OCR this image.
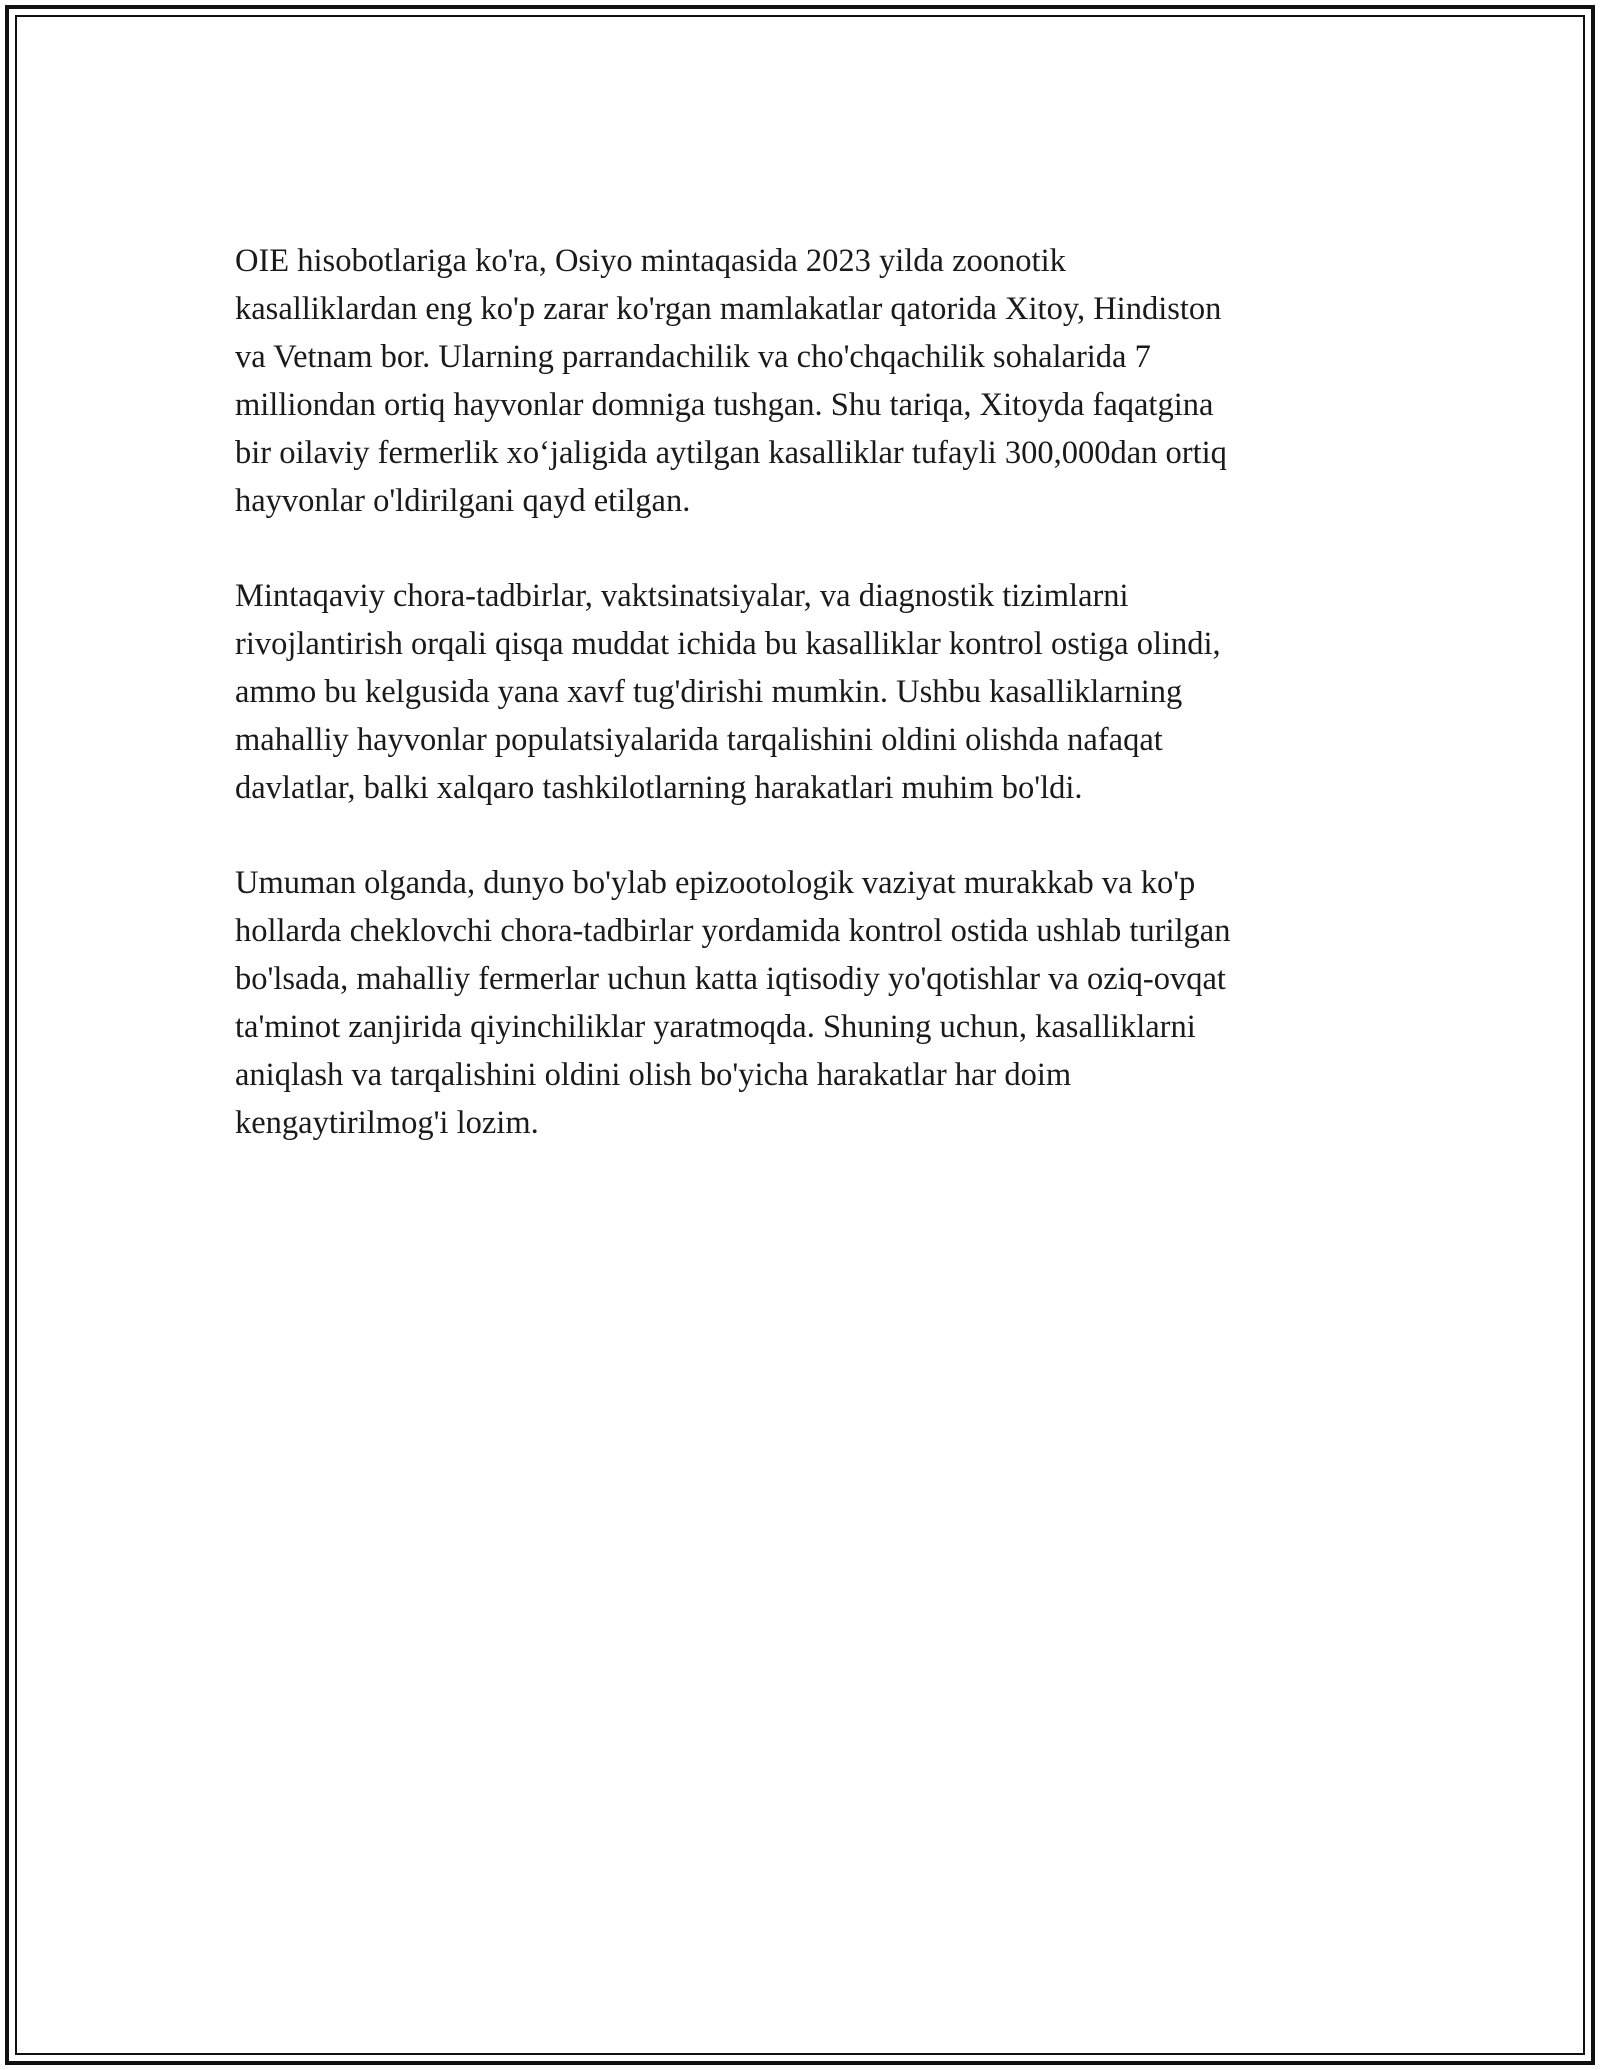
OIE hisobotlariga ko'ra, Osiyo mintaqasida 2023 yilda zoonotik
kasalliklardan eng ko'p zarar ko'rgan mamlakatlar qatorida Xitoy, Hindiston
va Vetnam bor. Ularning parrandachilik va cho'chqachilik sohalarida 7
milliondan ortiq hayvonlar domniga tushgan. Shu tariqa, Xitoyda faqatgina
bir oilaviy fermerlik xo‘jaligida aytilgan kasalliklar tufayli 300,000dan ortiq
hayvonlar o'ldirilgani qayd etilgan.

Mintaqaviy chora-tadbirlar, vaktsinatsiyalar, va diagnostik tizimlarni
rivojlantirish orqali qisqa muddat ichida bu kasalliklar kontrol ostiga olindi,
ammo bu kelgusida yana xavf tug'dirishi mumkin. Ushbu kasalliklarning
mahalliy hayvonlar populatsiyalarida tarqalishini oldini olishda nafaqat
davlatlar, balki xalqaro tashkilotlarning harakatlari muhim bo'ldi.

Umuman olganda, dunyo bo'ylab epizootologik vaziyat murakkab va ko'p
hollarda cheklovchi chora-tadbirlar yordamida kontrol ostida ushlab turilgan
bo'lsada, mahalliy fermerlar uchun katta iqtisodiy yo'qotishlar va oziq-ovqat
ta'minot zanjirida qiyinchiliklar yaratmoqda. Shuning uchun, kasalliklarni
aniqlash va tarqalishini oldini olish bo'yicha harakatlar har doim
kengaytirilmog'i lozim.
